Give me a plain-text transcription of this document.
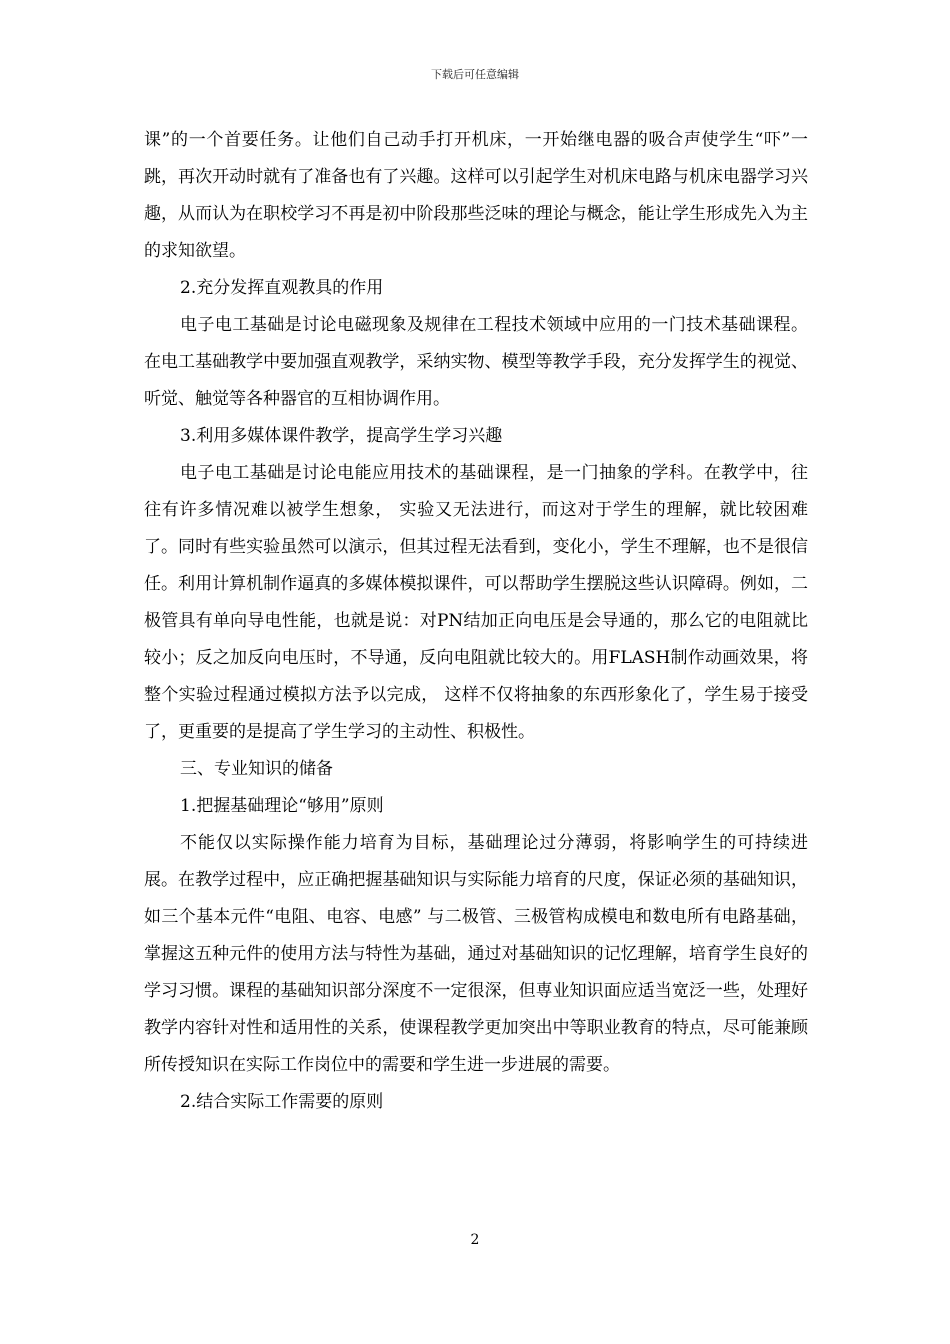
下载后可任意编辑

课”的一个首要任务。让他们自己动手打开机床，一开始继电器的吸合声使学生“吓”一跳，再次开动时就有了准备也有了兴趣。这样可以引起学生对机床电路与机床电器学习兴趣，从而认为在职校学习不再是初中阶段那些泛味的理论与概念，能让学生形成先入为主的求知欲望。

2.充分发挥直观教具的作用

电子电工基础是讨论电磁现象及规律在工程技术领域中应用的一门技术基础课程。在电工基础教学中要加强直观教学，采纳实物、模型等教学手段，充分发挥学生的视觉、听觉、触觉等各种器官的互相协调作用。

3.利用多媒体课件教学，提高学生学习兴趣

电子电工基础是讨论电能应用技术的基础课程，是一门抽象的学科。在教学中，往往有许多情况难以被学生想象， 实验又无法进行，而这对于学生的理解，就比较困难了。同时有些实验虽然可以演示，但其过程无法看到，变化小，学生不理解，也不是很信任。利用计算机制作逼真的多媒体模拟课件，可以帮助学生摆脱这些认识障碍。例如，二极管具有单向导电性能，也就是说：对PN结加正向电压是会导通的，那么它的电阻就比较小；反之加反向电压时，不导通，反向电阻就比较大的。用FLASH制作动画效果，将整个实验过程通过模拟方法予以完成， 这样不仅将抽象的东西形象化了，学生易于接受了，更重要的是提高了学生学习的主动性、积极性。

三、专业知识的储备

1.把握基础理论“够用”原则

不能仅以实际操作能力培育为目标，基础理论过分薄弱，将影响学生的可持续进展。在教学过程中，应正确把握基础知识与实际能力培育的尺度，保证必须的基础知识，如三个基本元件“电阻、电容、电感” 与二极管、三极管构成模电和数电所有电路基础，掌握这五种元件的使用方法与特性为基础，通过对基础知识的记忆理解，培育学生良好的学习习惯。课程的基础知识部分深度不一定很深，但専业知识面应适当宽泛一些，处理好教学内容针对性和适用性的关系，使课程教学更加突出中等职业教育的特点，尽可能兼顾所传授知识在实际工作岗位中的需要和学生进一步进展的需要。

2.结合实际工作需要的原则

2
